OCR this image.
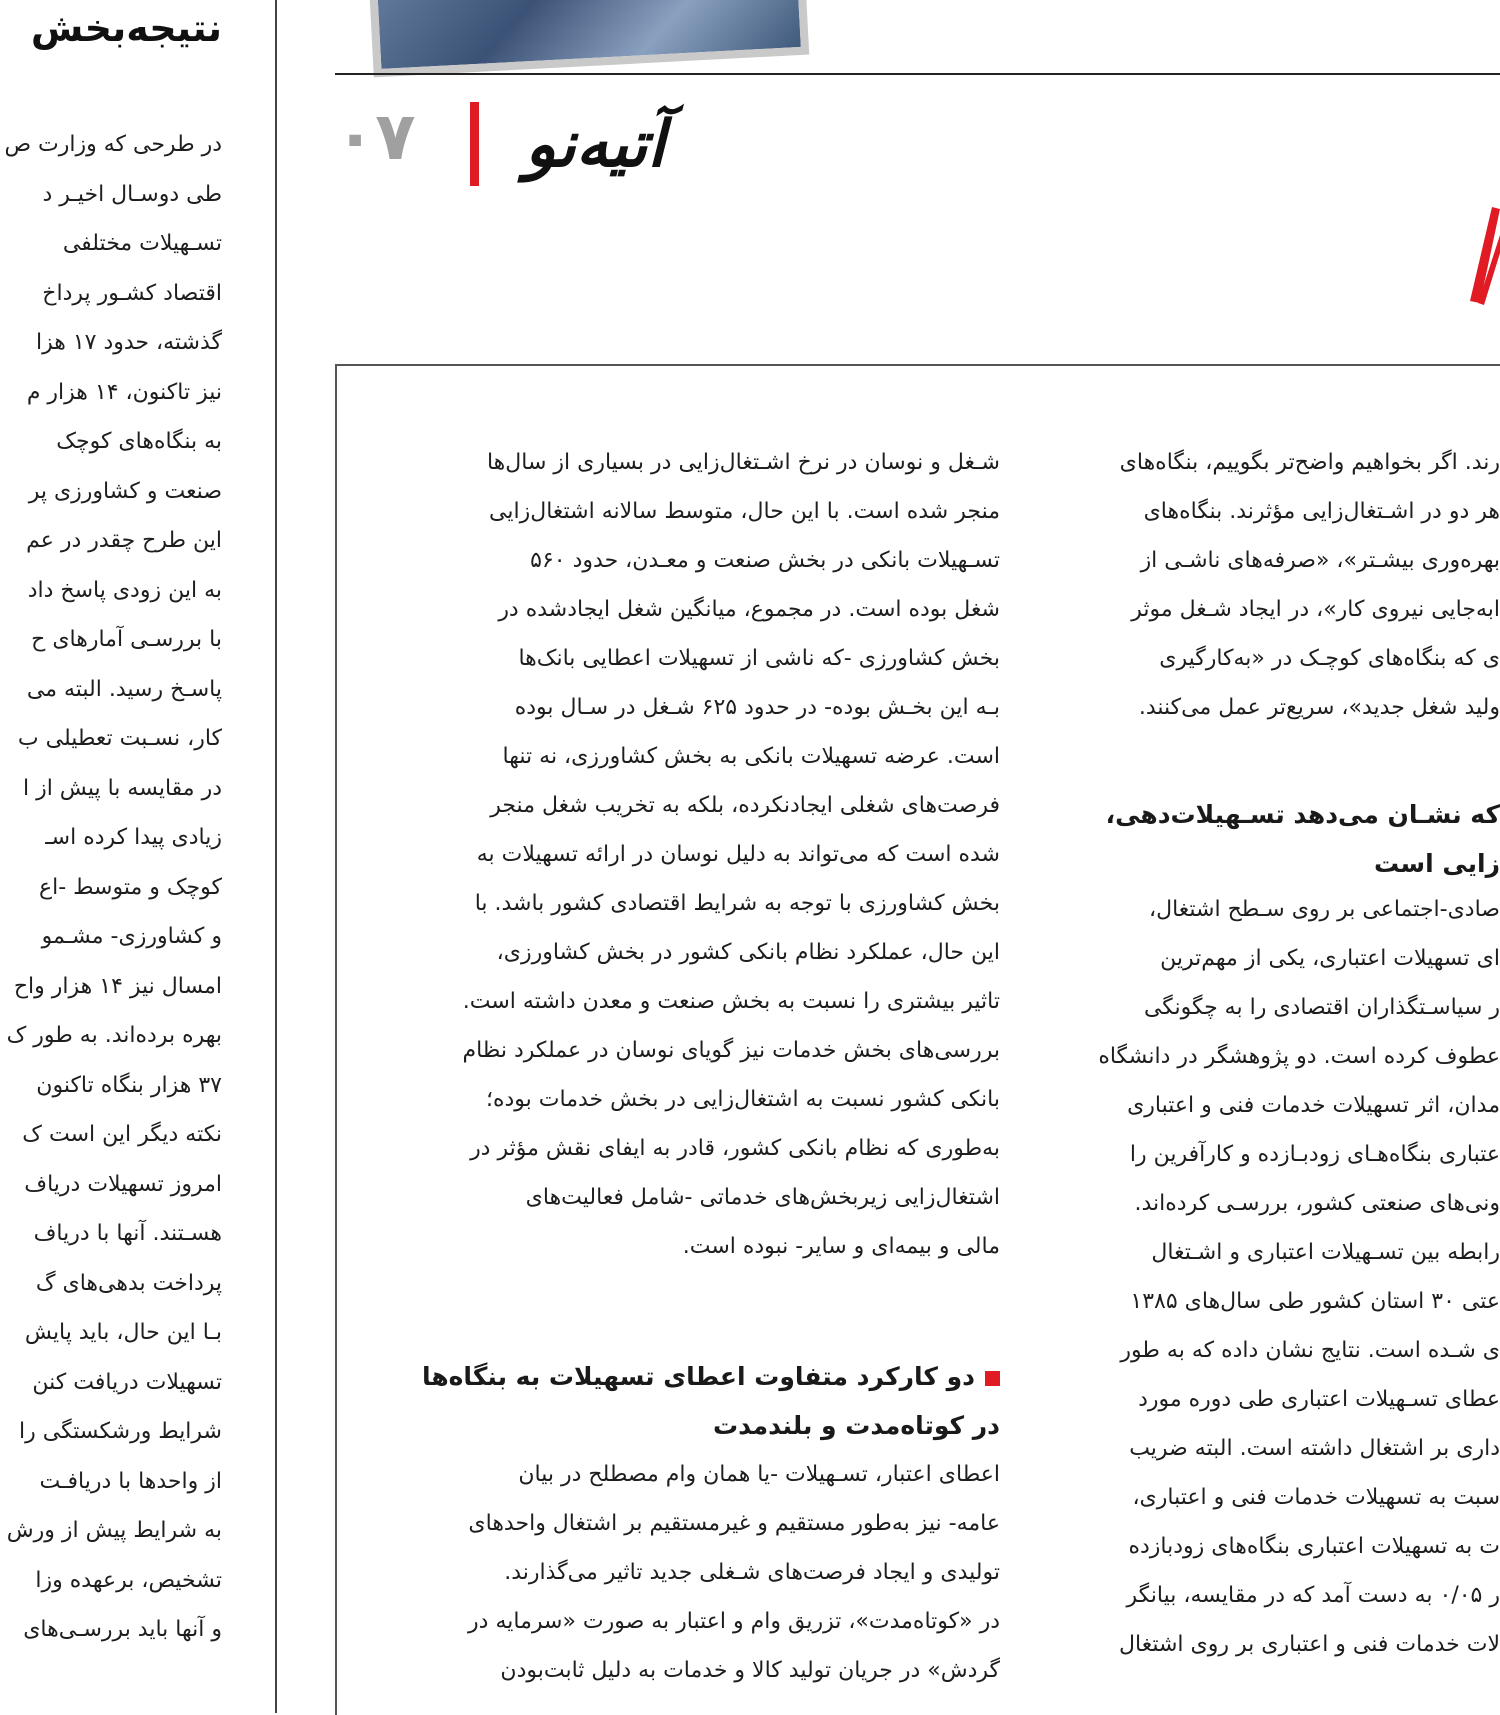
نتیجه‌بخش
در طرحی که وزارت ص
طی دوسـال اخیـر د
تسـهیلات مختلفی
اقتصاد کشـور پرداخ
گذشته، حدود ۱۷ هزا
نیز تاکنون، ۱۴ هزار م
به بنگاه‌های کوچک
صنعت و کشاورزی پر
این طرح چقدر در عم
به این زودی پاسخ داد
با بررسـی آمارهای ح
پاسـخ رسید. البته می
کار، نسـبت تعطیلی ب
در مقایسه با پیش از ا
زیادی پیدا کرده اسـ
کوچک و متوسط -اع
و کشاورزی- مشـمو
امسال نیز ۱۴ هزار واح
بهره برده‌اند. به طور ک
۳۷ هزار بنگاه تاکنون
نکته دیگر این است ک
امروز تسهیلات دریاف
هسـتند. آنها با دریاف
پرداخت بدهی‌های گ
بـا این حال، باید پایش
تسهیلات دریافت کنن
شرایط ورشکستگی را
از واحدها با دریافـت
به شرایط پیش از ورش
تشخیص، برعهده وزا
و آنها باید بررسـی‌های
۰۷	آتیه‌نو
شـغل و نوسان در نرخ اشـتغال‌زایی در بسیاری از سال‌ها
منجر شده است. با این حال، متوسط سالانه اشتغال‌زایی
تسـهیلات بانکی در بخش صنعت و معـدن، حدود ۵۶۰
شغل بوده است. در مجموع، میانگین شغل ایجادشده در
بخش کشاورزی -که ناشی از تسهیلات اعطایی بانک‌ها
بـه این بخـش بوده- در حدود ۶۲۵ شـغل در سـال بوده
است. عرضه تسهیلات بانکی به بخش کشاورزی، نه تنها
فرصت‌های شغلی ایجادنکرده، بلکه به تخریب شغل منجر
شده است که می‌تواند به دلیل نوسان در ارائه تسهیلات به
بخش کشاورزی با توجه به شرایط اقتصادی کشور باشد. با
این حال، عملکرد نظام بانکی کشور در بخش کشاورزی،
تاثیر بیشتری را نسبت به بخش صنعت و معدن داشته است.
بررسی‌های بخش خدمات نیز گویای نوسان در عملکرد نظام
بانکی کشور نسبت به اشتغال‌زایی در بخش خدمات بوده؛
به‌طوری که نظام بانکی کشور، قادر به ایفای نقش مؤثر در
اشتغال‌زایی زیربخش‌های خدماتی -شامل فعالیت‌های
مالی و بیمه‌ای و سایر- نبوده است.
دو کارکرد متفاوت اعطای تسهیلات به بنگاه‌ها
در کوتاه‌مدت و بلندمدت
اعطای اعتبار، تسـهیلات -یا همان وام مصطلح در بیان
عامه- نیز به‌طور مستقیم و غیرمستقیم بر اشتغال واحدهای
تولیدی و ایجاد فرصت‌های شـغلی جدید تاثیر می‌گذارند.
در «کوتاه‌مدت»، تزریق وام و اعتبار به صورت «سرمایه در
گردش» در جریان تولید کالا و خدمات به دلیل ثابت‌بودن
رند. اگر بخواهیم واضح‌تر بگوییم، بنگاه‌های
هر دو در اشـتغال‌زایی مؤثرند. بنگاه‌های
بهره‌وری بیشـتر»، «صرفه‌های ناشـی از
ابه‌جایی نیروی کار»، در ایجاد شـغل موثر
ی که بنگاه‌های کوچـک در «به‌کارگیری
ولید شغل جدید»، سریع‌تر عمل می‌کنند.
که نشـان می‌دهد تسـهیلات‌دهی،
زایی است
صادی-اجتماعی بر روی سـطح اشتغال،
ای تسهیلات اعتباری، یکی از مهم‌ترین
ر سیاسـتگذاران اقتصادی را به چگونگی
عطوف کرده است. دو پژوهشگر در دانشگاه
مدان، اثر تسهیلات خدمات فنی و اعتباری
عتباری بنگاه‌هـای زودبـازده و کارآفرین را
ونی‌های صنعتی کشور، بررسـی کرده‌اند.
رابطه بین تسـهیلات اعتباری و اشـتغال
عتی ۳۰ استان کشور طی سال‌های ۱۳۸۵
ی شـده است. نتایج نشان داده که به طور
عطای تسـهیلات اعتباری طی دوره مورد
داری بر اشتغال داشته است. البته ضریب
سبت به تسهیلات خدمات فنی و اعتباری،
ت به تسهیلات اعتباری بنگاه‌های زودبازده
ر ۰/۰۵ به دست آمد که در مقایسه، بیانگر
لات خدمات فنی و اعتباری بر روی اشتغال
